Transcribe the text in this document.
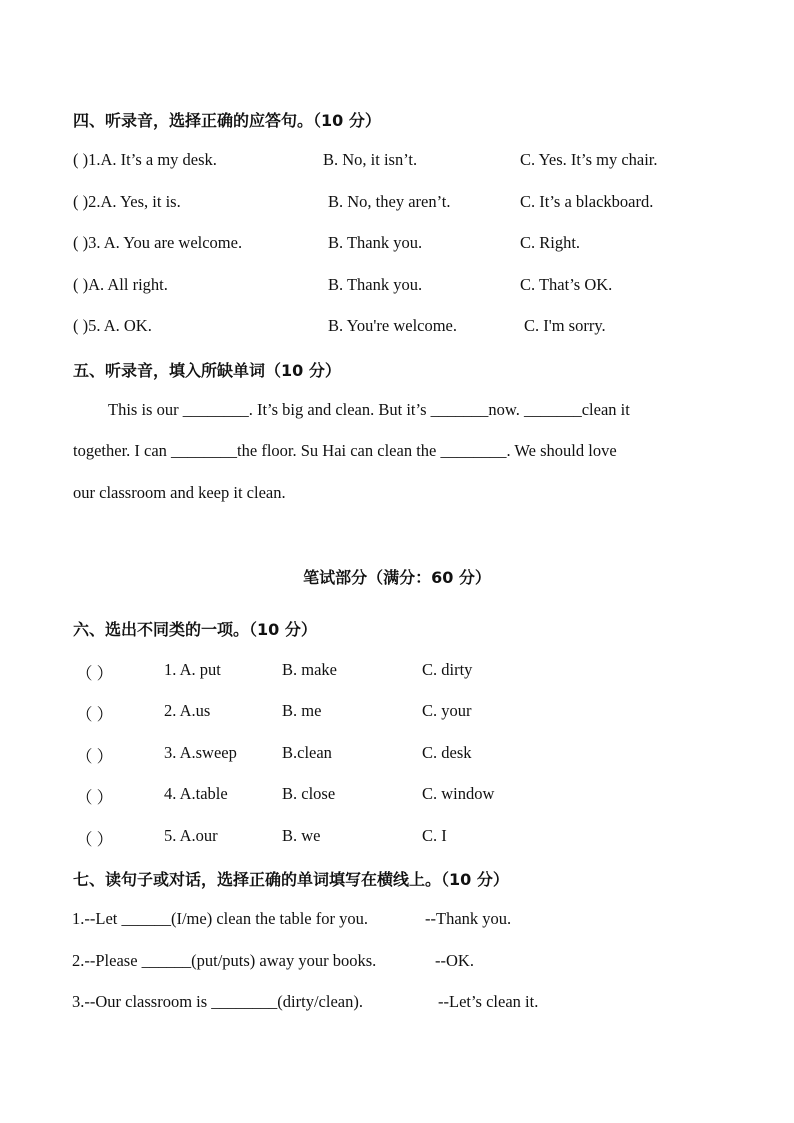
四、听录音，选择正确的应答句。（10 分）
( )1.A. It’s a my desk.	B. No, it isn’t.	C. Yes. It’s my chair.
( )2.A. Yes, it is.	B. No, they aren’t.	C. It’s a blackboard.
( )3. A. You are welcome.	B. Thank you.	C. Right.
( )A. All right.	B. Thank you.	C. That’s OK.
( )5. A. OK.	B. You're welcome.	C. I'm sorry.
五、听录音，填入所缺单词（10 分）
This is our ________. It’s big and clean. But it’s _______now. _______clean it
together. I can ________the floor. Su Hai can clean the ________. We should love
our classroom and keep it clean.
笔试部分（满分：60 分）
六、选出不同类的一项。（10 分）
（ ）	1. A. put	B. make	C. dirty
（ ）	2. A.us	B. me	C. your
（ ）	3. A.sweep	B.clean	C. desk
（ ）	4. A.table	B. close	C. window
（ ）	5. A.our	B. we	C. I
七、读句子或对话，选择正确的单词填写在横线上。（10 分）
1.--Let ______(I/me) clean the table for you.	--Thank you.
2.--Please ______(put/puts) away your books.	--OK.
3.--Our classroom is ________(dirty/clean).	--Let’s clean it.
